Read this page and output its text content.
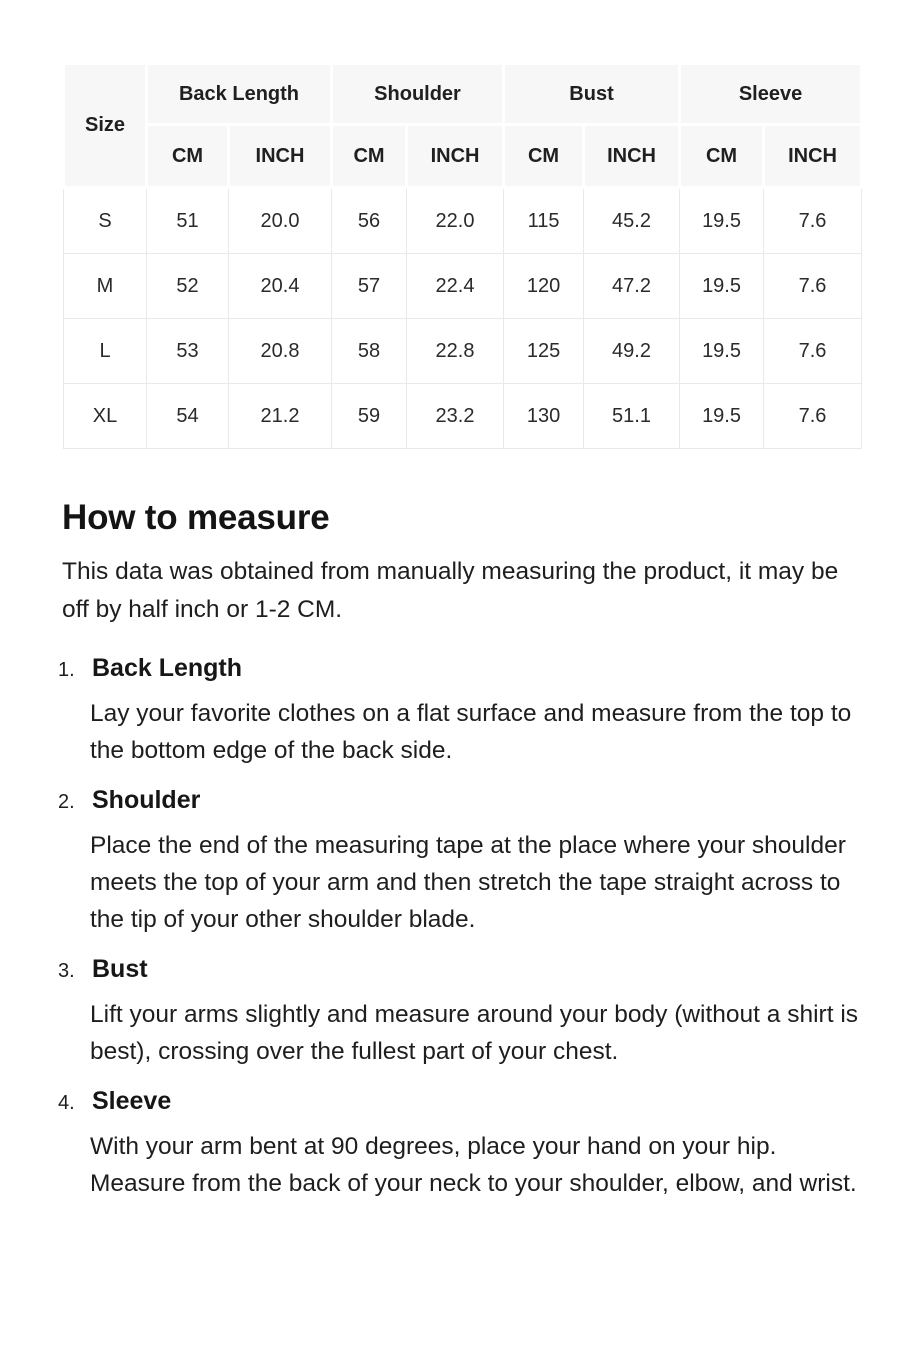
Size	Back Length		Shoulder		Bust		Sleeve	
	CM	INCH	CM	INCH	CM	INCH	CM	INCH
S	51	20.0	56	22.0	115	45.2	19.5	7.6
M	52	20.4	57	22.4	120	47.2	19.5	7.6
L	53	20.8	58	22.8	125	49.2	19.5	7.6
XL	54	21.2	59	23.2	130	51.1	19.5	7.6
How to measure

This data was obtained from manually measuring the product, it may be off by half inch or 1-2 CM.

1. Back Length

Lay your favorite clothes on a flat surface and measure from the top to the bottom edge of the back side.

2. Shoulder

Place the end of the measuring tape at the place where your shoulder meets the top of your arm and then stretch the tape straight across to the tip of your other shoulder blade.

3. Bust

Lift your arms slightly and measure around your body (without a shirt is best), crossing over the fullest part of your chest.

4. Sleeve

With your arm bent at 90 degrees, place your hand on your hip. Measure from the back of your neck to your shoulder, elbow, and wrist.
